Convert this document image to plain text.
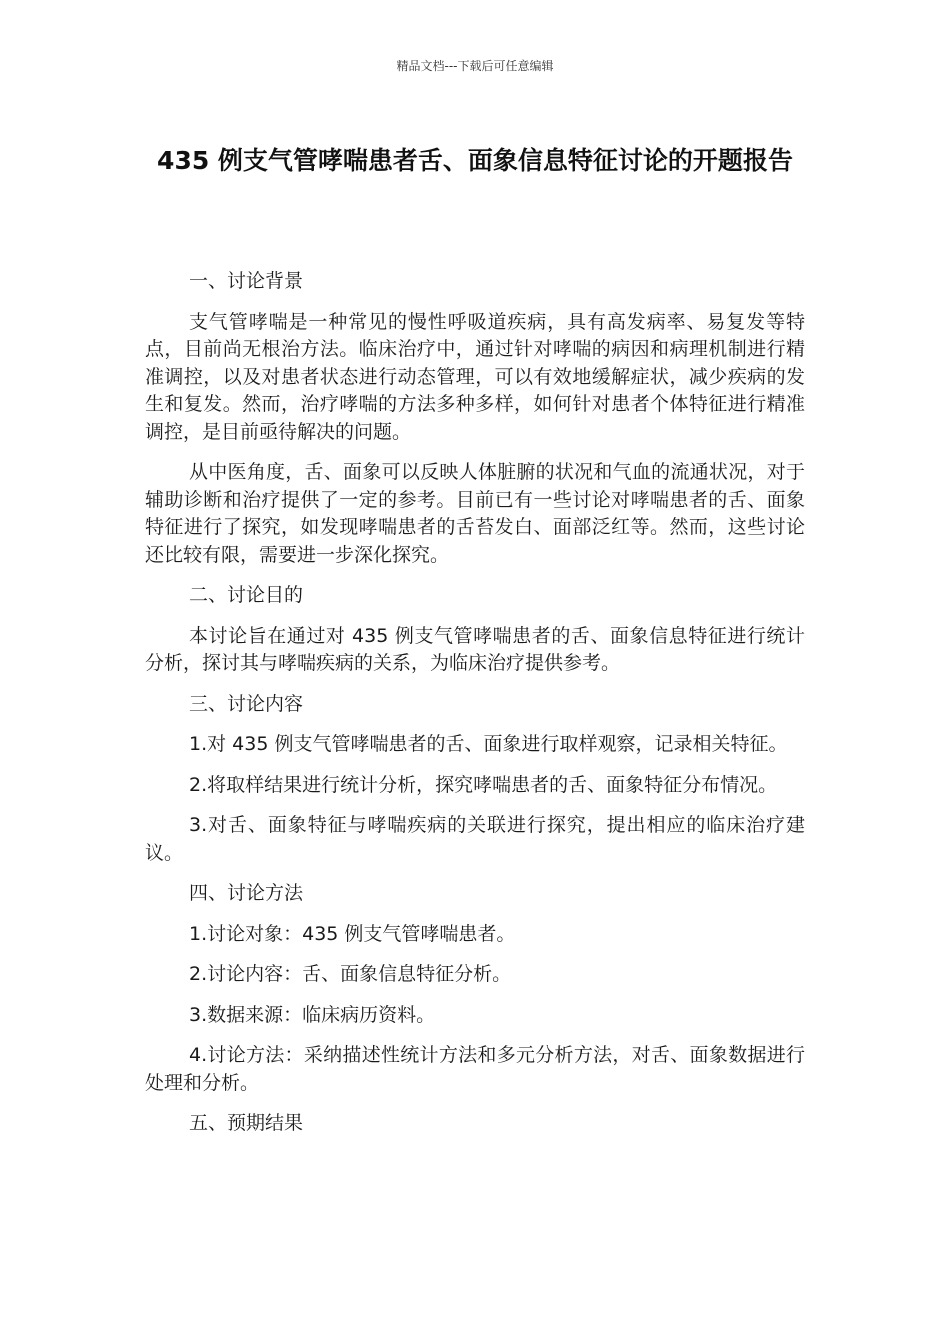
精品文档---下载后可任意编辑
435 例支气管哮喘患者舌、面象信息特征讨论的开题报告
一、讨论背景
支气管哮喘是一种常见的慢性呼吸道疾病，具有高发病率、易复发等特点，目前尚无根治方法。临床治疗中，通过针对哮喘的病因和病理机制进行精准调控，以及对患者状态进行动态管理，可以有效地缓解症状，减少疾病的发生和复发。然而，治疗哮喘的方法多种多样，如何针对患者个体特征进行精准调控，是目前亟待解决的问题。
从中医角度，舌、面象可以反映人体脏腑的状况和气血的流通状况，对于辅助诊断和治疗提供了一定的参考。目前已有一些讨论对哮喘患者的舌、面象特征进行了探究，如发现哮喘患者的舌苔发白、面部泛红等。然而，这些讨论还比较有限，需要进一步深化探究。
二、讨论目的
本讨论旨在通过对 435 例支气管哮喘患者的舌、面象信息特征进行统计分析，探讨其与哮喘疾病的关系，为临床治疗提供参考。
三、讨论内容
1.对 435 例支气管哮喘患者的舌、面象进行取样观察，记录相关特征。
2.将取样结果进行统计分析，探究哮喘患者的舌、面象特征分布情况。
3.对舌、面象特征与哮喘疾病的关联进行探究，提出相应的临床治疗建议。
四、讨论方法
1.讨论对象：435 例支气管哮喘患者。
2.讨论内容：舌、面象信息特征分析。
3.数据来源：临床病历资料。
4.讨论方法：采纳描述性统计方法和多元分析方法，对舌、面象数据进行处理和分析。
五、预期结果
